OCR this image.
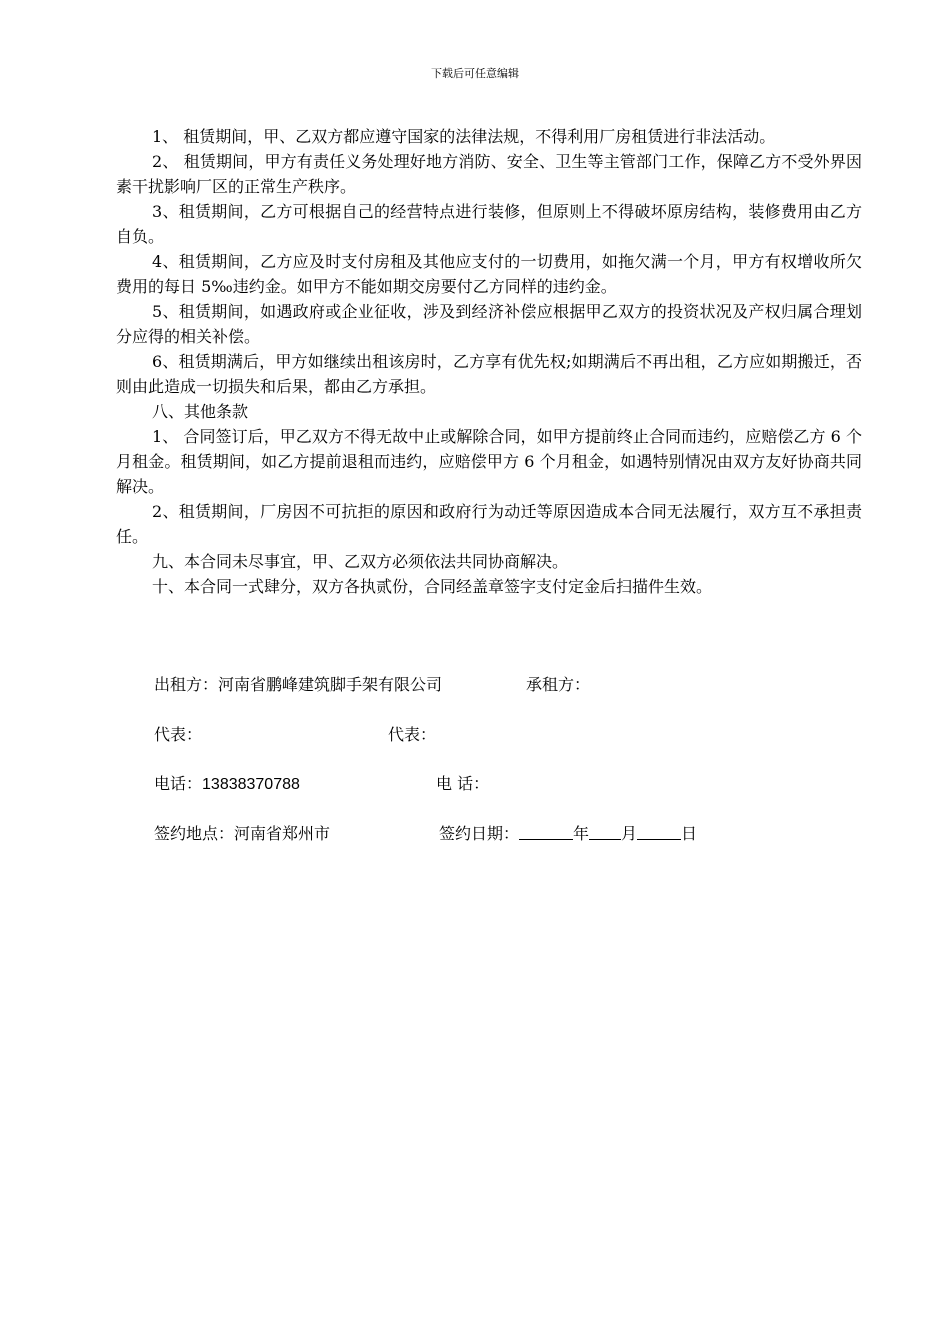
下载后可任意编辑

1、 租赁期间，甲、乙双方都应遵守国家的法律法规，不得利用厂房租赁进行非法活动。

2、 租赁期间，甲方有责任义务处理好地方消防、安全、卫生等主管部门工作，保障乙方不受外界因素干扰影响厂区的正常生产秩序。

3、租赁期间，乙方可根据自己的经营特点进行装修，但原则上不得破坏原房结构，装修费用由乙方自负。

4、租赁期间，乙方应及时支付房租及其他应支付的一切费用，如拖欠满一个月，甲方有权增收所欠费用的每日 5‰违约金。如甲方不能如期交房要付乙方同样的违约金。

5、租赁期间，如遇政府或企业征收，涉及到经济补偿应根据甲乙双方的投资状况及产权归属合理划分应得的相关补偿。

6、租赁期满后，甲方如继续出租该房时，乙方享有优先权;如期满后不再出租，乙方应如期搬迁，否则由此造成一切损失和后果，都由乙方承担。

八、其他条款

1、 合同签订后，甲乙双方不得无故中止或解除合同，如甲方提前终止合同而违约，应赔偿乙方 6 个月租金。租赁期间，如乙方提前退租而违约，应赔偿甲方 6 个月租金，如遇特别情况由双方友好协商共同解决。

2、租赁期间，厂房因不可抗拒的原因和政府行为动迁等原因造成本合同无法履行，双方互不承担责任。

九、本合同未尽事宜，甲、乙双方必须依法共同协商解决。

十、本合同一式肆分，双方各执贰份，合同经盖章签字支付定金后扫描件生效。

出租方：河南省鹏峰建筑脚手架有限公司	承租方：
代表：	代表：
电话：13838370788	电 话：
签约地点：河南省郑州市	签约日期：	年 月	日
